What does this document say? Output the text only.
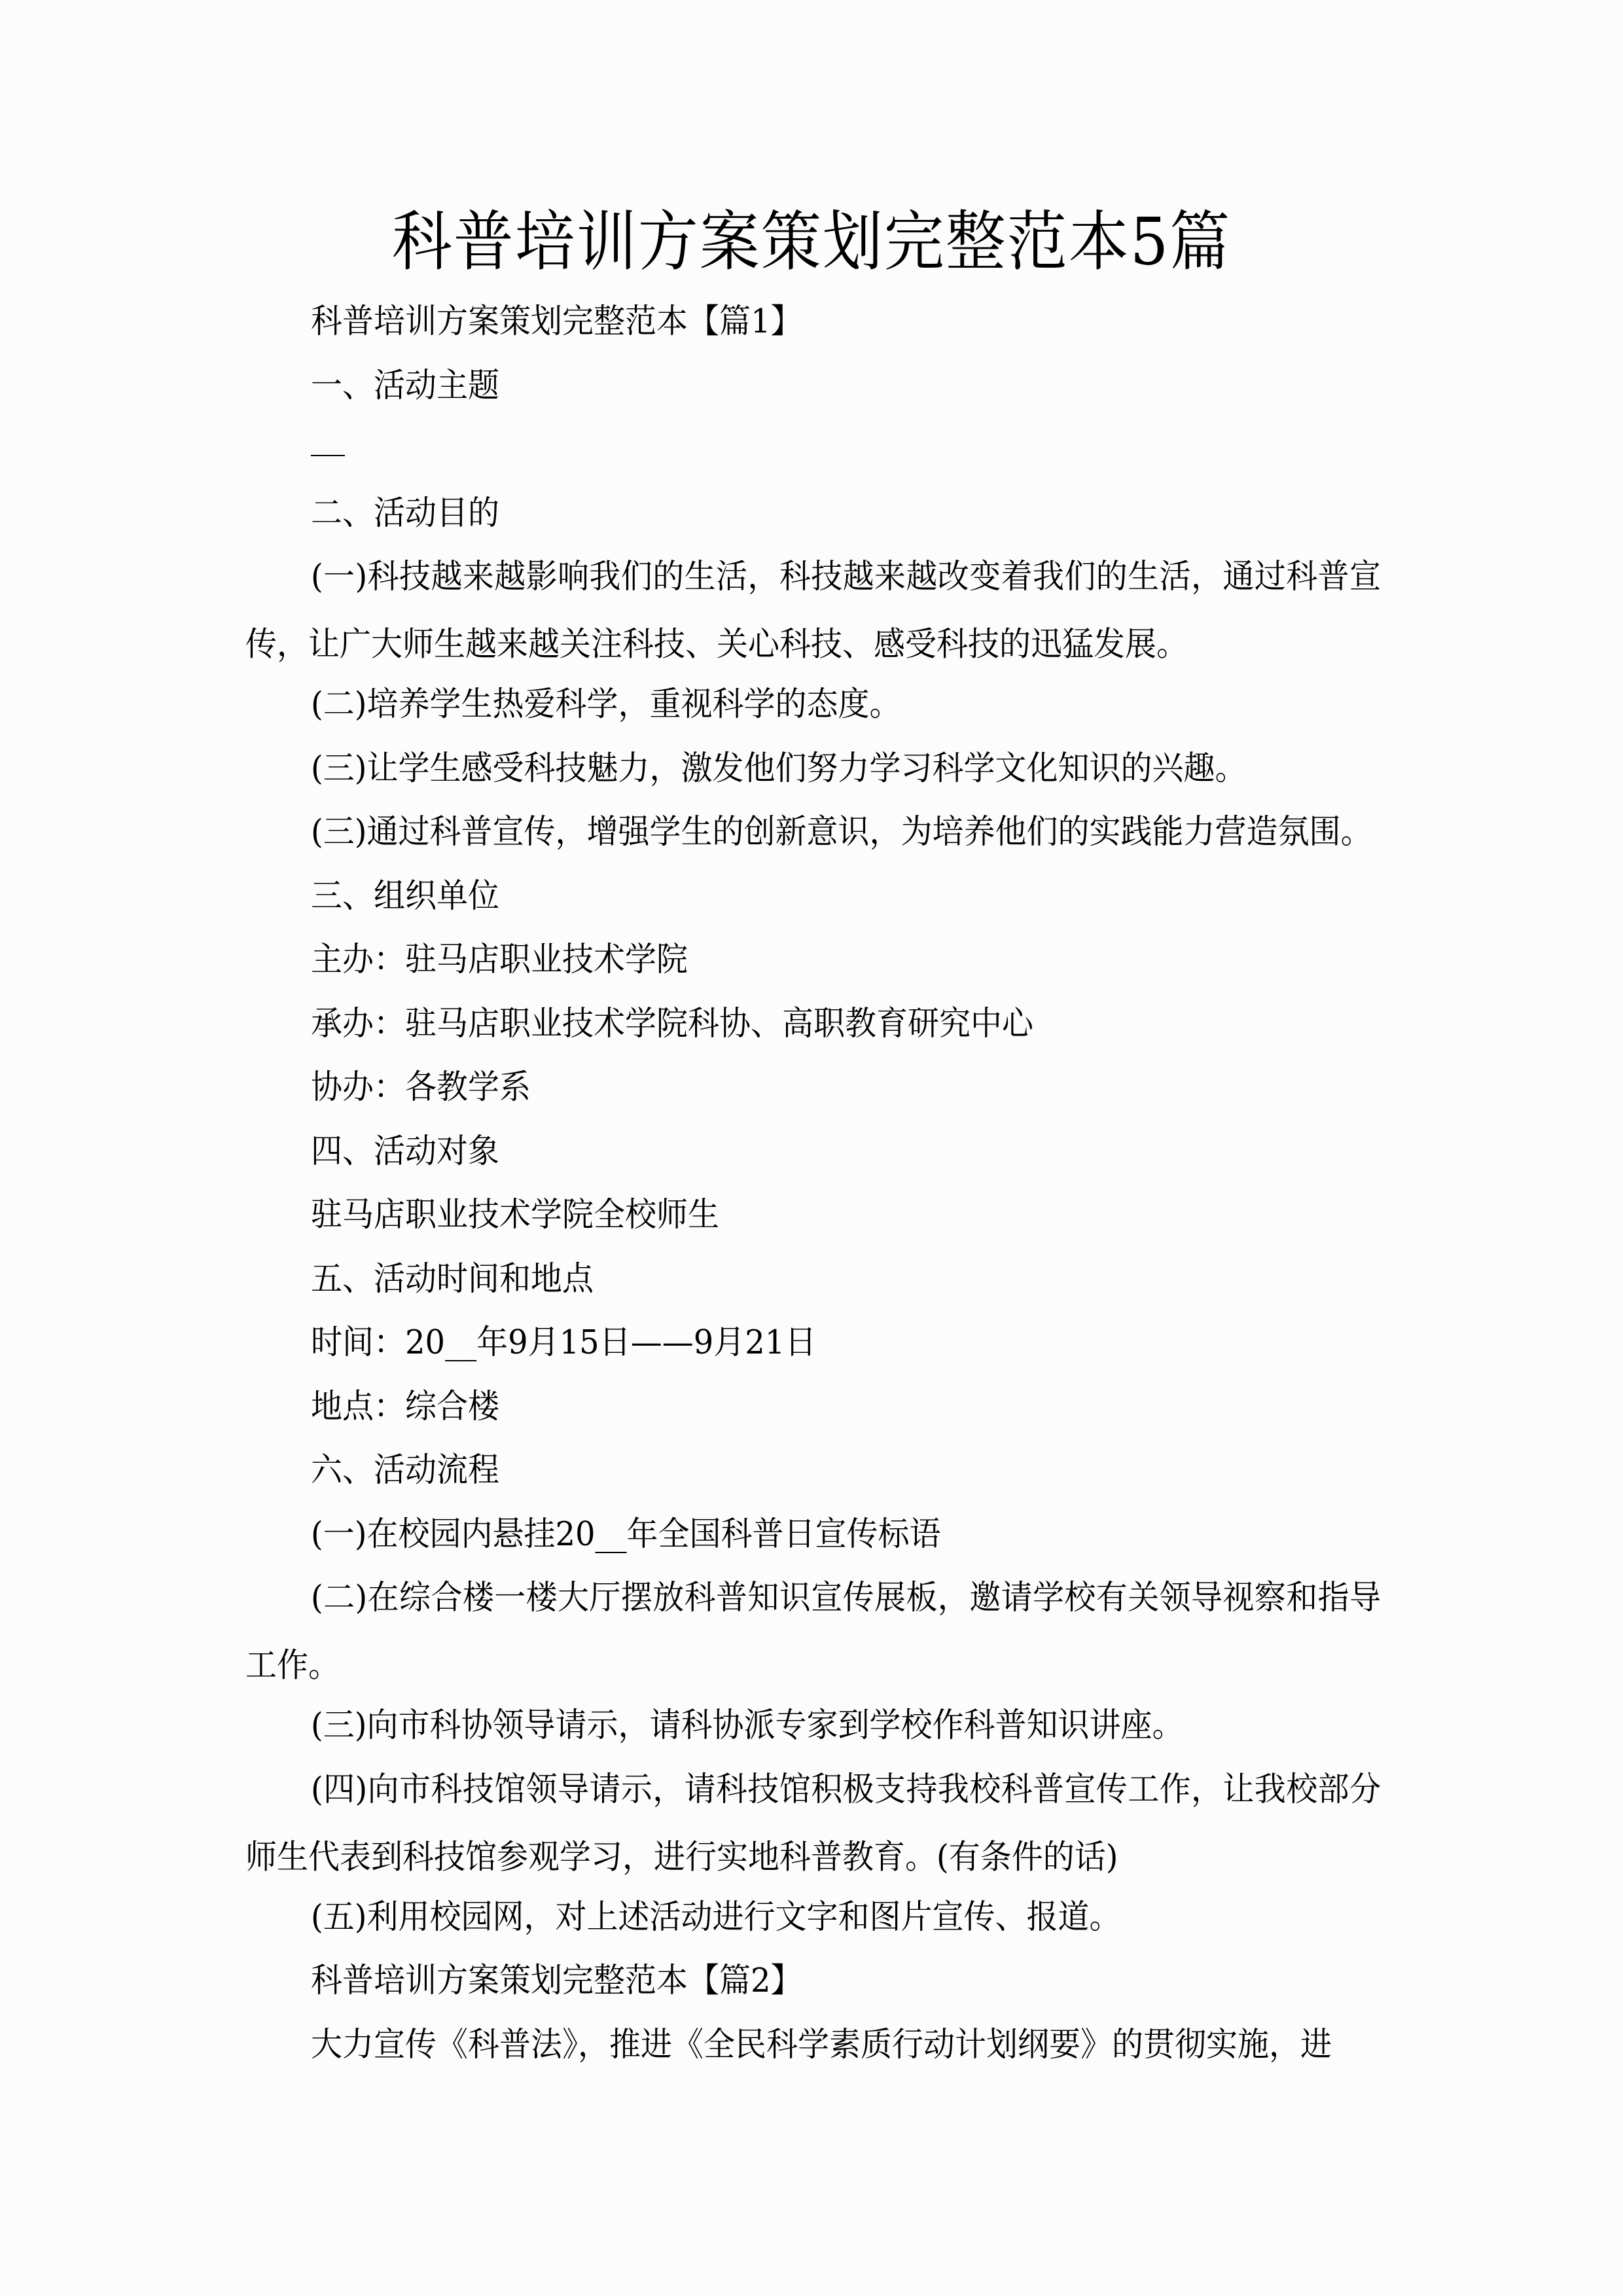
科普培训方案策划完整范本5篇

科普培训方案策划完整范本【篇1】

一、活动主题

二、活动目的

(一)科技越来越影响我们的生活，科技越来越改变着我们的生活，通过科普宣传，让广大师生越来越关注科技、关心科技、感受科技的迅猛发展。

(二)培养学生热爱科学，重视科学的态度。

(三)让学生感受科技魅力，激发他们努力学习科学文化知识的兴趣。

(三)通过科普宣传，增强学生的创新意识，为培养他们的实践能力营造氛围。

三、组织单位

主办：驻马店职业技术学院

承办：驻马店职业技术学院科协、高职教育研究中心

协办：各教学系

四、活动对象

驻马店职业技术学院全校师生

五、活动时间和地点

时间：20__年9月15日——9月21日

地点：综合楼

六、活动流程

(一)在校园内悬挂20__年全国科普日宣传标语

(二)在综合楼一楼大厅摆放科普知识宣传展板，邀请学校有关领导视察和指导工作。

(三)向市科协领导请示，请科协派专家到学校作科普知识讲座。

(四)向市科技馆领导请示，请科技馆积极支持我校科普宣传工作，让我校部分师生代表到科技馆参观学习，进行实地科普教育。(有条件的话)

(五)利用校园网，对上述活动进行文字和图片宣传、报道。

科普培训方案策划完整范本【篇2】

大力宣传《科普法》，推进《全民科学素质行动计划纲要》的贯彻实施，进
